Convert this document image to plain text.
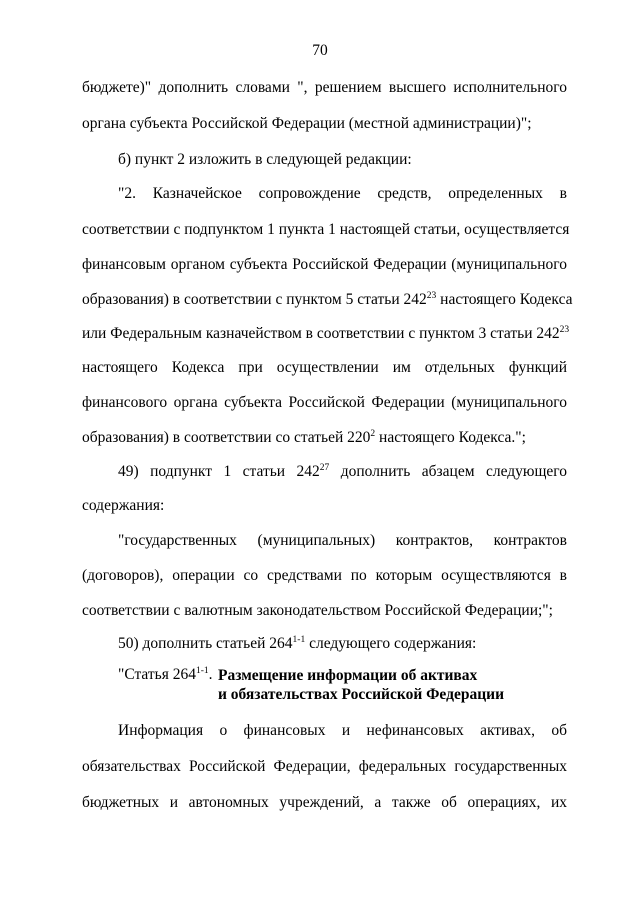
70
бюджете)" дополнить словами ", решением высшего исполнительного
органа субъекта Российской Федерации (местной администрации)";
б) пункт 2 изложить в следующей редакции:
"2. Казначейское сопровождение средств, определенных в
соответствии с подпунктом 1 пункта 1 настоящей статьи, осуществляется
финансовым органом субъекта Российской Федерации (муниципального
образования) в соответствии с пунктом 5 статьи $242^{23}$ настоящего Кодекса
или Федеральным казначейством в соответствии с пунктом 3 статьи $242^{23}$
настоящего Кодекса при осуществлении им отдельных функций
финансового органа субъекта Российской Федерации (муниципального
образования) в соответствии со статьей $220^2$ настоящего Кодекса.";
49) подпункт 1 статьи $242^{27}$ дополнить абзацем следующего
содержания:
"государственных (муниципальных) контрактов, контрактов
(договоров), операции со средствами по которым осуществляются в
соответствии с валютным законодательством Российской Федерации;";
50) дополнить статьей 264$^{1-1}$ следующего содержания:
"Статья 264$^{1-1}$. Размещение информации об активах
и обязательствах Российской Федерации
Информация о финансовых и нефинансовых активах, об
обязательствах Российской Федерации, федеральных государственных
бюджетных и автономных учреждений, а также об операциях, их
